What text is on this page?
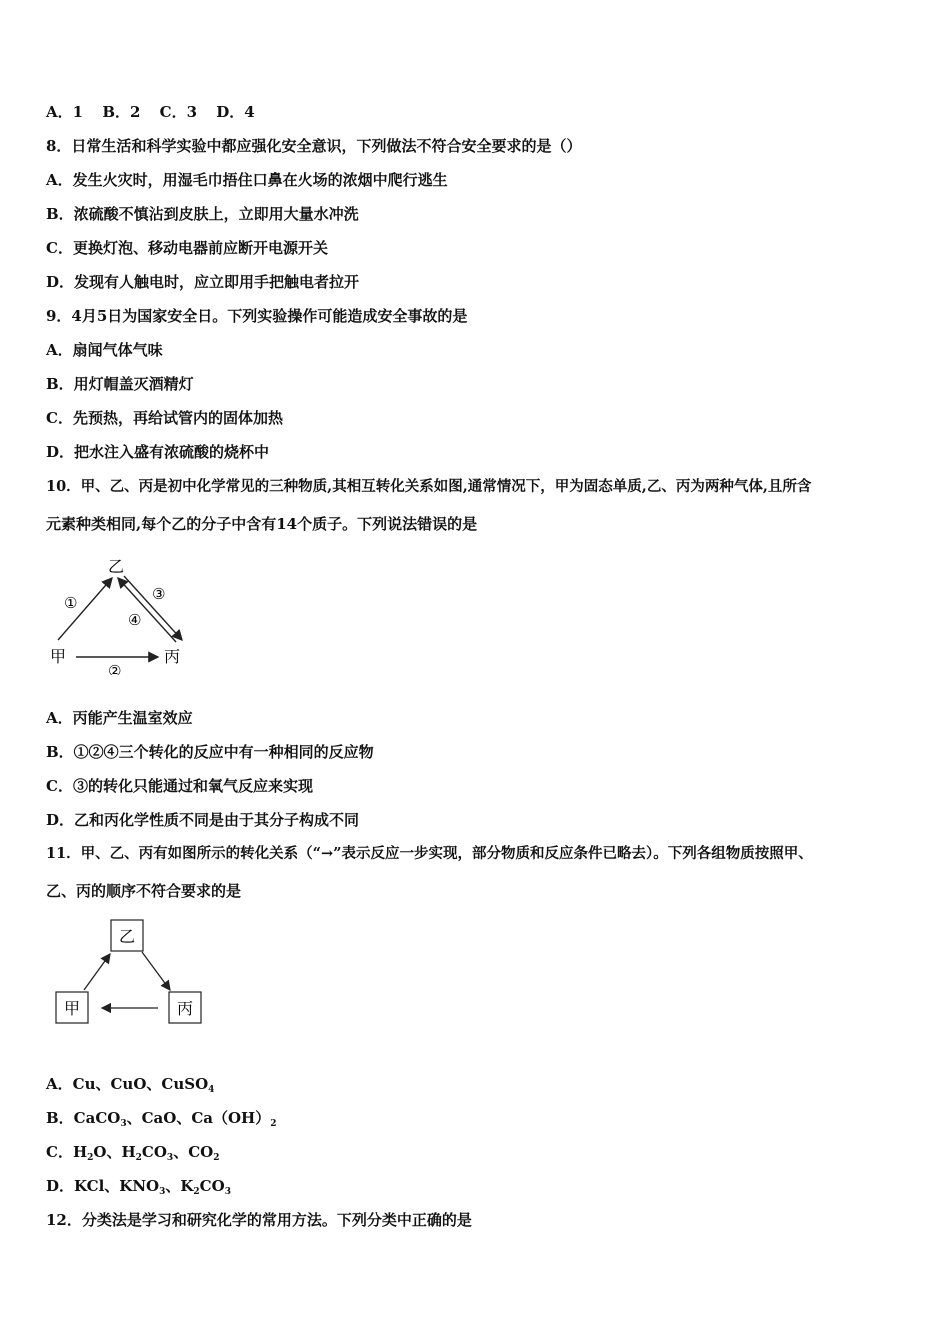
A．1 B．2 C．3 D．4
8．日常生活和科学实验中都应强化安全意识，下列做法不符合安全要求的是（）
A．发生火灾时，用湿毛巾捂住口鼻在火场的浓烟中爬行逃生
B．浓硫酸不慎沾到皮肤上，立即用大量水冲洗
C．更换灯泡、移动电器前应断开电源开关
D．发现有人触电时，应立即用手把触电者拉开
9．4月5日为国家安全日。下列实验操作可能造成安全事故的是
A．扇闻气体气味
B．用灯帽盖灭酒精灯
C．先预热，再给试管内的固体加热
D．把水注入盛有浓硫酸的烧杯中
10．甲、乙、丙是初中化学常见的三种物质,其相互转化关系如图,通常情况下，甲为固态单质,乙、丙为两种气体,且所含
元素种类相同,每个乙的分子中含有14个质子。下列说法错误的是
乙
甲	丙
①	③
④
②
A．丙能产生温室效应
B．①②④三个转化的反应中有一种相同的反应物
C．③的转化只能通过和氧气反应来实现
D．乙和丙化学性质不同是由于其分子构成不同
11．甲、乙、丙有如图所示的转化关系（“→”表示反应一步实现，部分物质和反应条件已略去）。下列各组物质按照甲、
乙、丙的顺序不符合要求的是
乙
甲	丙
A．Cu、CuO、CuSO$_4$
B．CaCO$_3$、CaO、$Ca(OH)_2$
C．$H_2O$、$H_2CO_3$、$CO_2$
D．KCl、$KNO_3$、$K_2CO_3$
12．分类法是学习和研究化学的常用方法。下列分类中正确的是
